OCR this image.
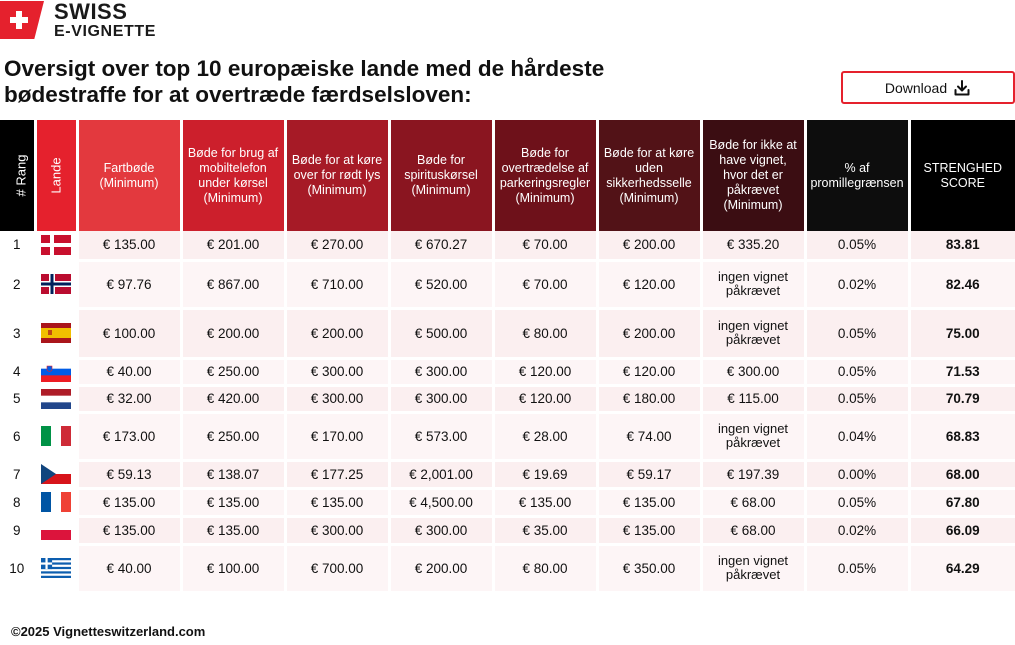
SWISS
E-VIGNETTE
Oversigt over top 10 europæiske lande med de hårdeste bødestraffe for at overtræde færdselsloven:	Download
# Rang	Lande	Fartbøde (Minimum)	Bøde for brug af mobiltelefon under kørsel (Minimum)	Bøde for at køre over for rødt lys (Minimum)	Bøde for spirituskørsel (Minimum)	Bøde for overtrædelse af parkeringsregler (Minimum)	Bøde for at køre uden sikkerhedsselle (Minimum)	Bøde for ikke at have vignet, hvor det er påkrævet (Minimum)	% af promillegrænsen	STRENGHED SCORE
1		€ 135.00	€ 201.00	€ 270.00	€ 670.27	€ 70.00	€ 200.00	€ 335.20	0.05%	83.81
2		€ 97.76	€ 867.00	€ 710.00	€ 520.00	€ 70.00	€ 120.00	ingen vignet påkrævet	0.02%	82.46
3		€ 100.00	€ 200.00	€ 200.00	€ 500.00	€ 80.00	€ 200.00	ingen vignet påkrævet	0.05%	75.00
4		€ 40.00	€ 250.00	€ 300.00	€ 300.00	€ 120.00	€ 120.00	€ 300.00	0.05%	71.53
5		€ 32.00	€ 420.00	€ 300.00	€ 300.00	€ 120.00	€ 180.00	€ 115.00	0.05%	70.79
6		€ 173.00	€ 250.00	€ 170.00	€ 573.00	€ 28.00	€ 74.00	ingen vignet påkrævet	0.04%	68.83
7		€ 59.13	€ 138.07	€ 177.25	€ 2,001.00	€ 19.69	€ 59.17	€ 197.39	0.00%	68.00
8		€ 135.00	€ 135.00	€ 135.00	€ 4,500.00	€ 135.00	€ 135.00	€ 68.00	0.05%	67.80
9		€ 135.00	€ 135.00	€ 300.00	€ 300.00	€ 35.00	€ 135.00	€ 68.00	0.02%	66.09
10		€ 40.00	€ 100.00	€ 700.00	€ 200.00	€ 80.00	€ 350.00	ingen vignet påkrævet	0.05%	64.29
©2025 Vignetteswitzerland.com
